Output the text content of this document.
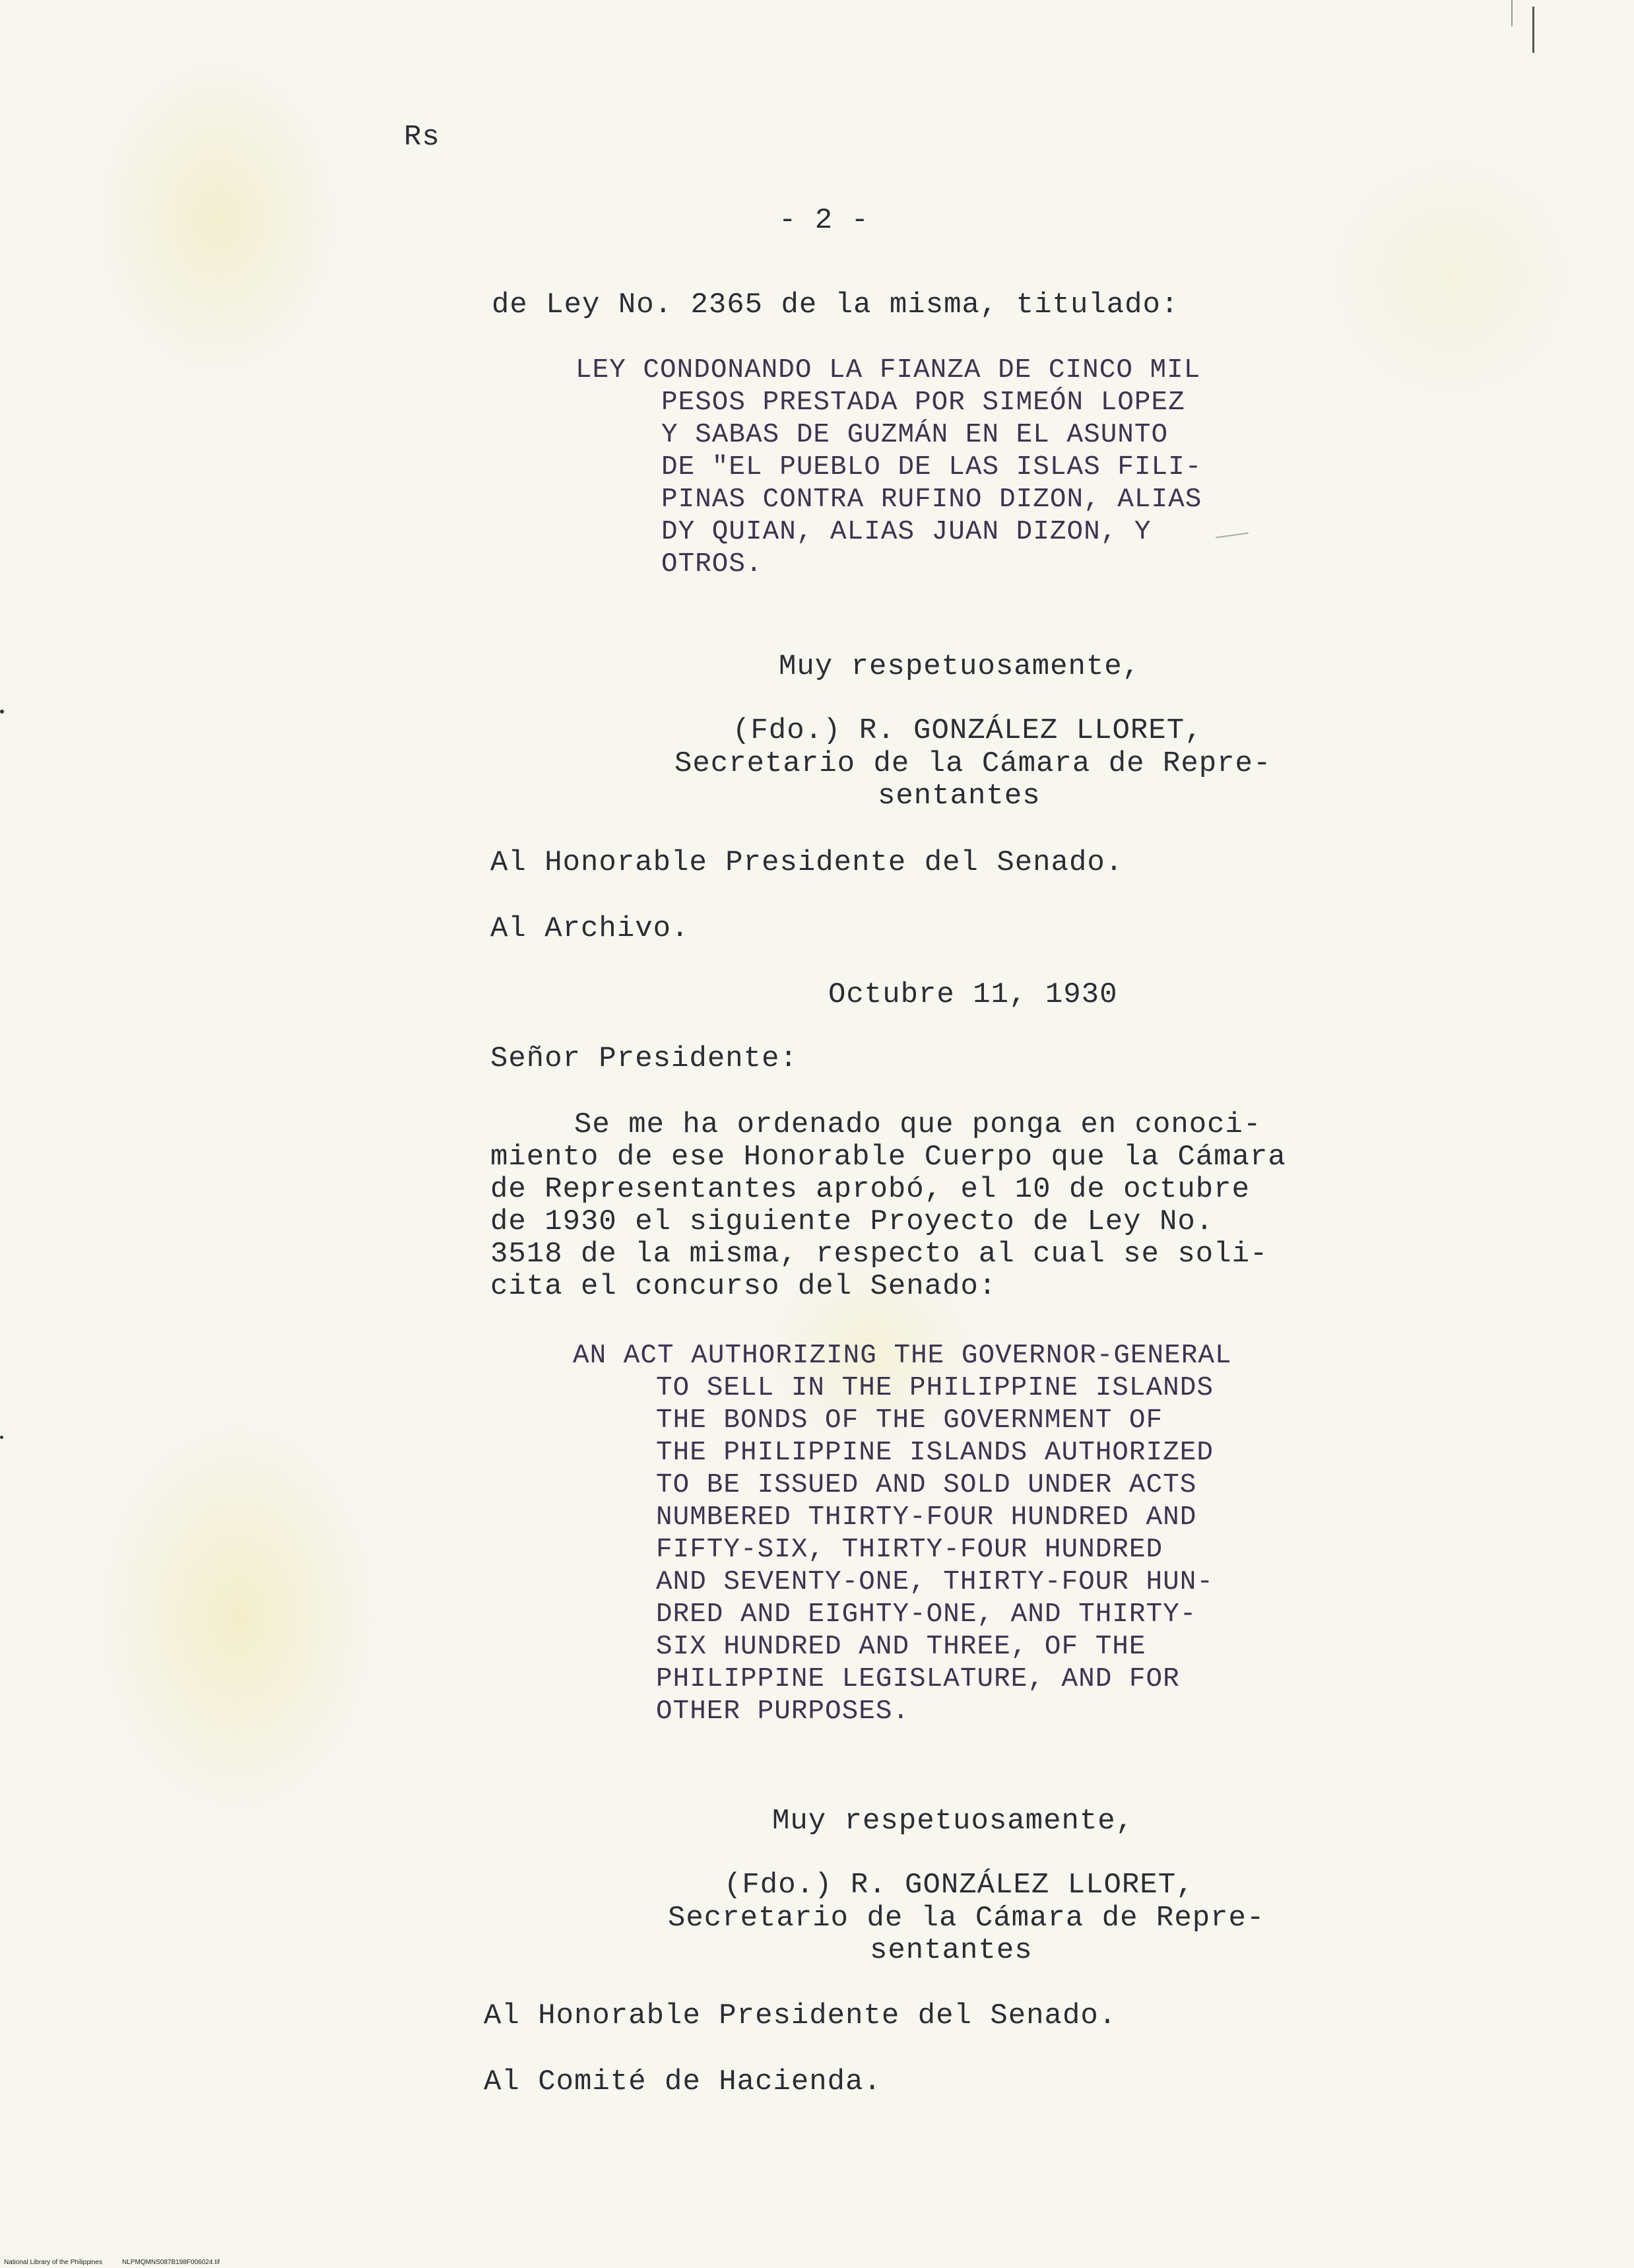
Rs
- 2 -
de Ley No. 2365 de la misma, titulado:

LEY CONDONANDO LA FIANZA DE CINCO MIL

PESOS PRESTADA POR SIMEÓN LOPEZ

Y SABAS DE GUZMÁN EN EL ASUNTO

DE "EL PUEBLO DE LAS ISLAS FILI-

PINAS CONTRA RUFINO DIZON, ALIAS

DY QUIAN, ALIAS JUAN DIZON, Y

OTROS.

Muy respetuosamente,
(Fdo.) R. GONZÁLEZ LLORET,
Secretario de la Cámara de Repre-
sentantes
Al Honorable Presidente del Senado.
Al Archivo.
Octubre 11, 1930
Señor Presidente:
Se me ha ordenado que ponga en conoci-
miento de ese Honorable Cuerpo que la Cámara
de Representantes aprobó, el 10 de octubre
de 1930 el siguiente Proyecto de Ley No.
3518 de la misma, respecto al cual se soli-
cita el concurso del Senado:

AN ACT AUTHORIZING THE GOVERNOR-GENERAL

TO SELL IN THE PHILIPPINE ISLANDS

THE BONDS OF THE GOVERNMENT OF

THE PHILIPPINE ISLANDS AUTHORIZED

TO BE ISSUED AND SOLD UNDER ACTS

NUMBERED THIRTY-FOUR HUNDRED AND

FIFTY-SIX, THIRTY-FOUR HUNDRED

AND SEVENTY-ONE, THIRTY-FOUR HUN-

DRED AND EIGHTY-ONE, AND THIRTY-

SIX HUNDRED AND THREE, OF THE

PHILIPPINE LEGISLATURE, AND FOR

OTHER PURPOSES.

Muy respetuosamente,
(Fdo.) R. GONZÁLEZ LLORET,
Secretario de la Cámara de Repre-
sentantes
Al Honorable Presidente del Senado.
Al Comité de Hacienda.
National Library of the Philippines	NLPMQMNS087B198F006024.tif
